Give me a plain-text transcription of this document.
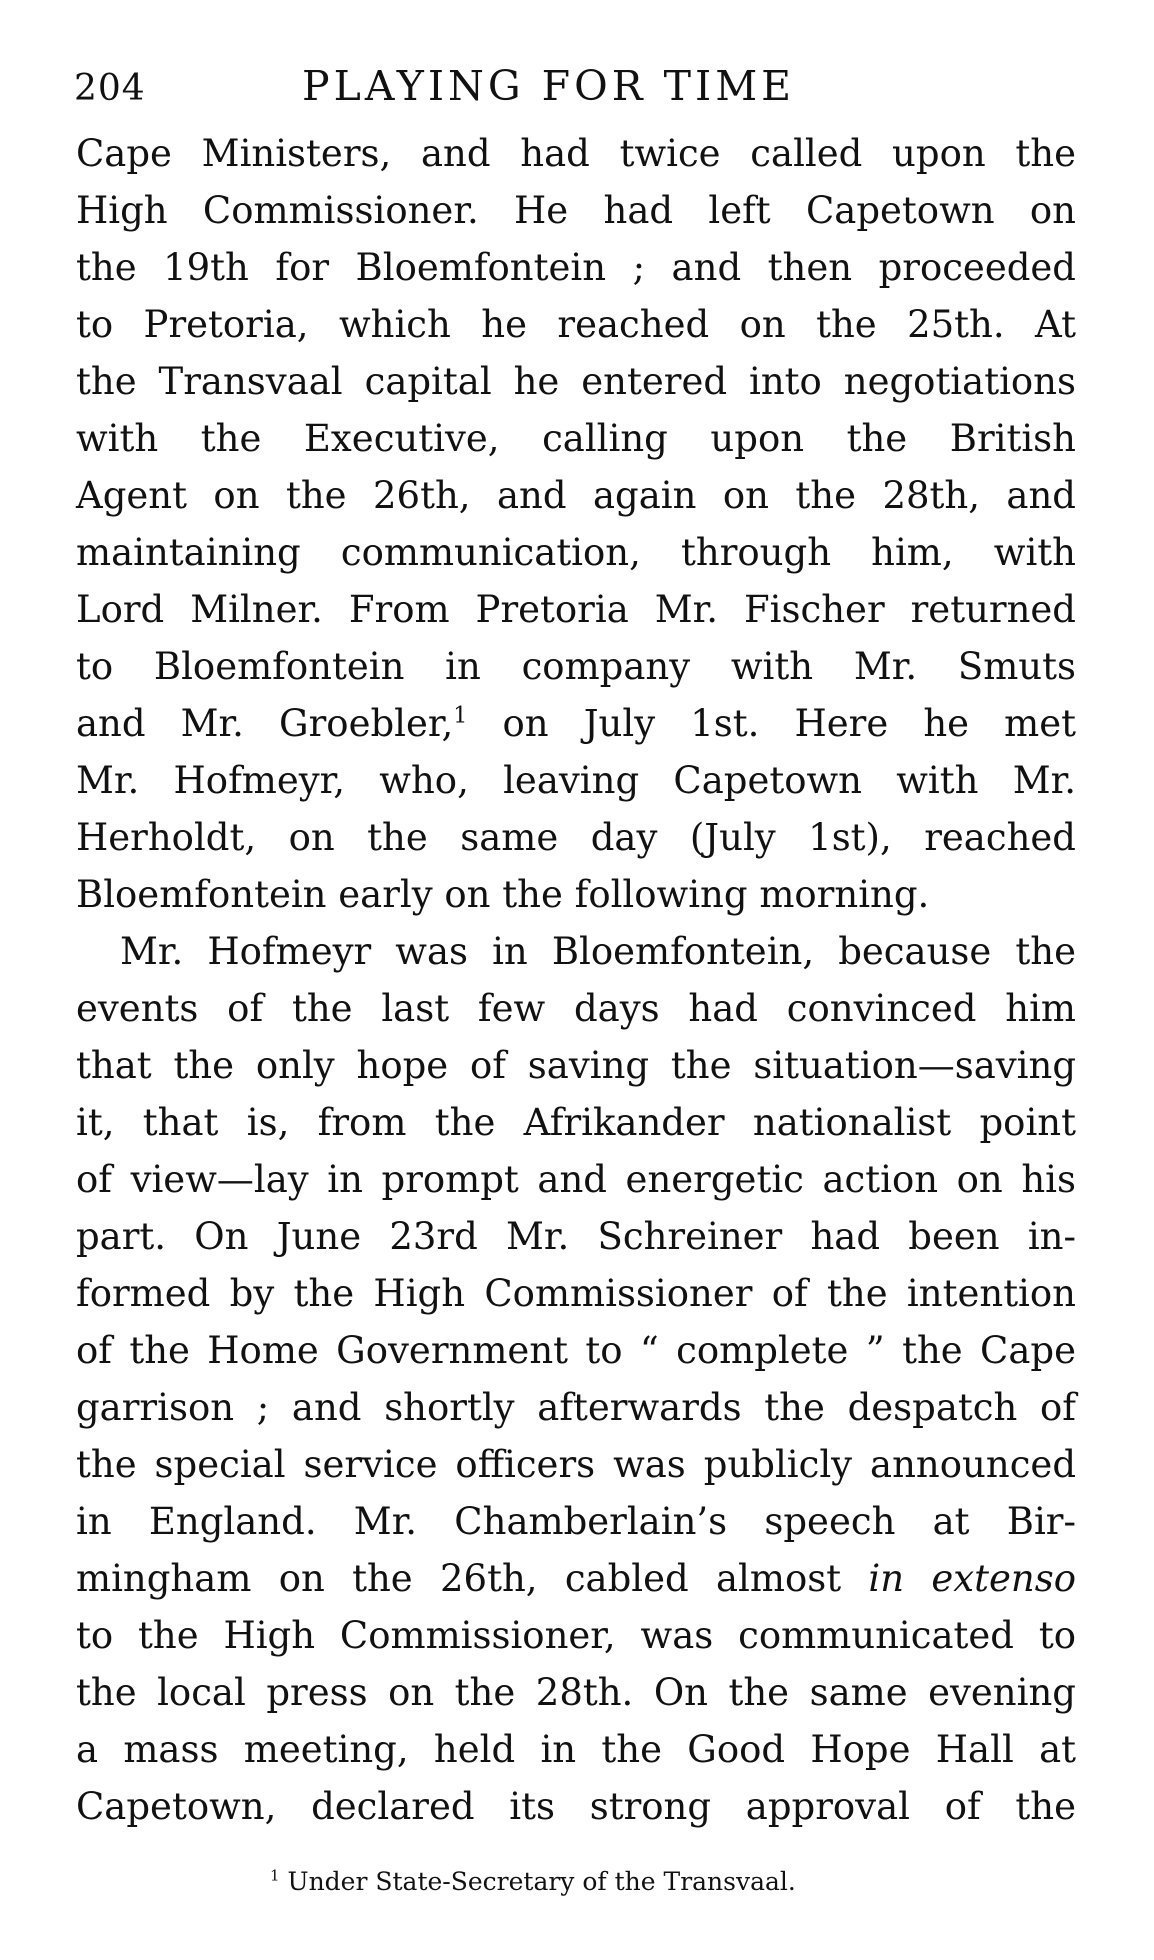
204	PLAYING FOR TIME
Cape Ministers, and had twice called upon the
High Commissioner. He had left Capetown on
the 19th for Bloemfontein ; and then proceeded
to Pretoria, which he reached on the 25th. At
the Transvaal capital he entered into negotiations
with the Executive, calling upon the British
Agent on the 26th, and again on the 28th, and
maintaining communication, through him, with
Lord Milner. From Pretoria Mr. Fischer returned
to Bloemfontein in company with Mr. Smuts
and Mr. Groebler,$^1$ on July 1st. Here he met
Mr. Hofmeyr, who, leaving Capetown with Mr.
Herholdt, on the same day (July 1st), reached
Bloemfontein early on the following morning.
Mr. Hofmeyr was in Bloemfontein, because the
events of the last few days had convinced him
that the only hope of saving the situation—saving
it, that is, from the Afrikander nationalist point
of view—lay in prompt and energetic action on his
part. On June 23rd Mr. Schreiner had been in-
formed by the High Commissioner of the intention
of the Home Government to “ complete ” the Cape
garrison ; and shortly afterwards the despatch of
the special service officers was publicly announced
in England. Mr. Chamberlain’s speech at Bir-
mingham on the 26th, cabled almost in extenso
to the High Commissioner, was communicated to
the local press on the 28th. On the same evening
a mass meeting, held in the Good Hope Hall at
Capetown, declared its strong approval of the
$^1$ Under State-Secretary of the Transvaal.
